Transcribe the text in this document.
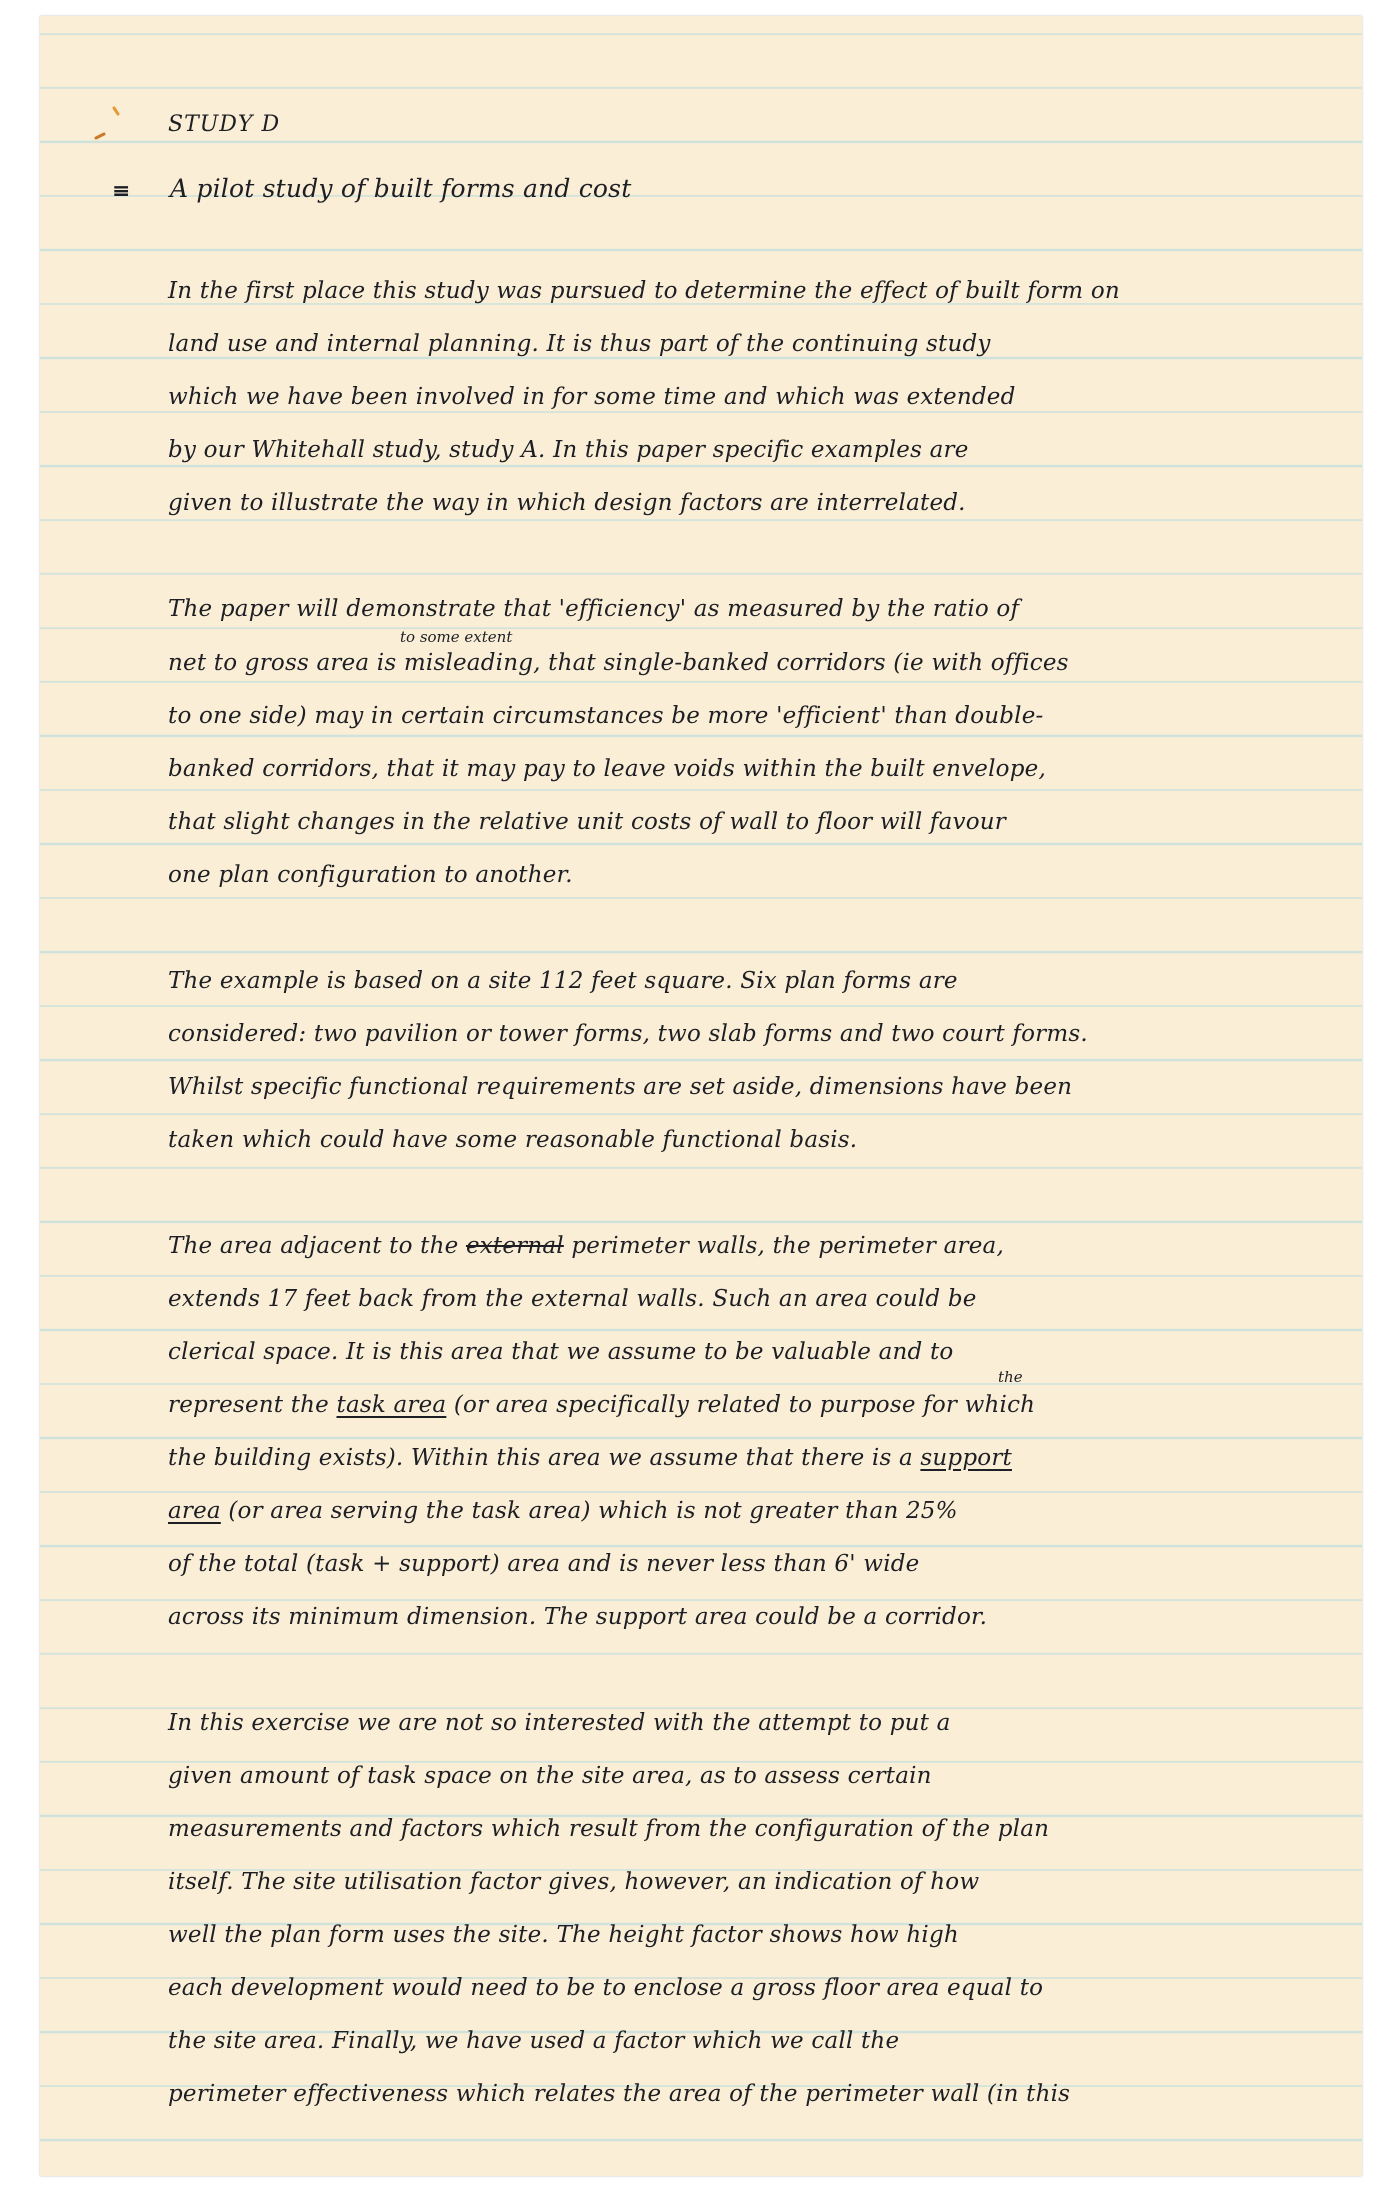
STUDY D
≡ A pilot study of built forms and cost
In the first place this study was pursued to determine the effect of built form on
land use and internal planning. It is thus part of the continuing study
which we have been involved in for some time and which was extended
by our Whitehall study, study A. In this paper specific examples are
given to illustrate the way in which design factors are interrelated.
The paper will demonstrate that 'efficiency' as measured by the ratio of
to some extent
net to gross area is misleading, that single-banked corridors (ie with offices
to one side) may in certain circumstances be more 'efficient' than double-
banked corridors, that it may pay to leave voids within the built envelope,
that slight changes in the relative unit costs of wall to floor will favour
one plan configuration to another.
The example is based on a site 112 feet square. Six plan forms are
considered: two pavilion or tower forms, two slab forms and two court forms.
Whilst specific functional requirements are set aside, dimensions have been
taken which could have some reasonable functional basis.
The area adjacent to the external perimeter walls, the perimeter area,
extends 17 feet back from the external walls. Such an area could be
clerical space. It is this area that we assume to be valuable and to
the
represent the task area (or area specifically related to purpose for which
the building exists). Within this area we assume that there is a support
area (or area serving the task area) which is not greater than 25%
of the total (task + support) area and is never less than 6' wide
across its minimum dimension. The support area could be a corridor.
In this exercise we are not so interested with the attempt to put a
given amount of task space on the site area, as to assess certain
measurements and factors which result from the configuration of the plan
itself. The site utilisation factor gives, however, an indication of how
well the plan form uses the site. The height factor shows how high
each development would need to be to enclose a gross floor area equal to
the site area. Finally, we have used a factor which we call the
perimeter effectiveness which relates the area of the perimeter wall (in this
